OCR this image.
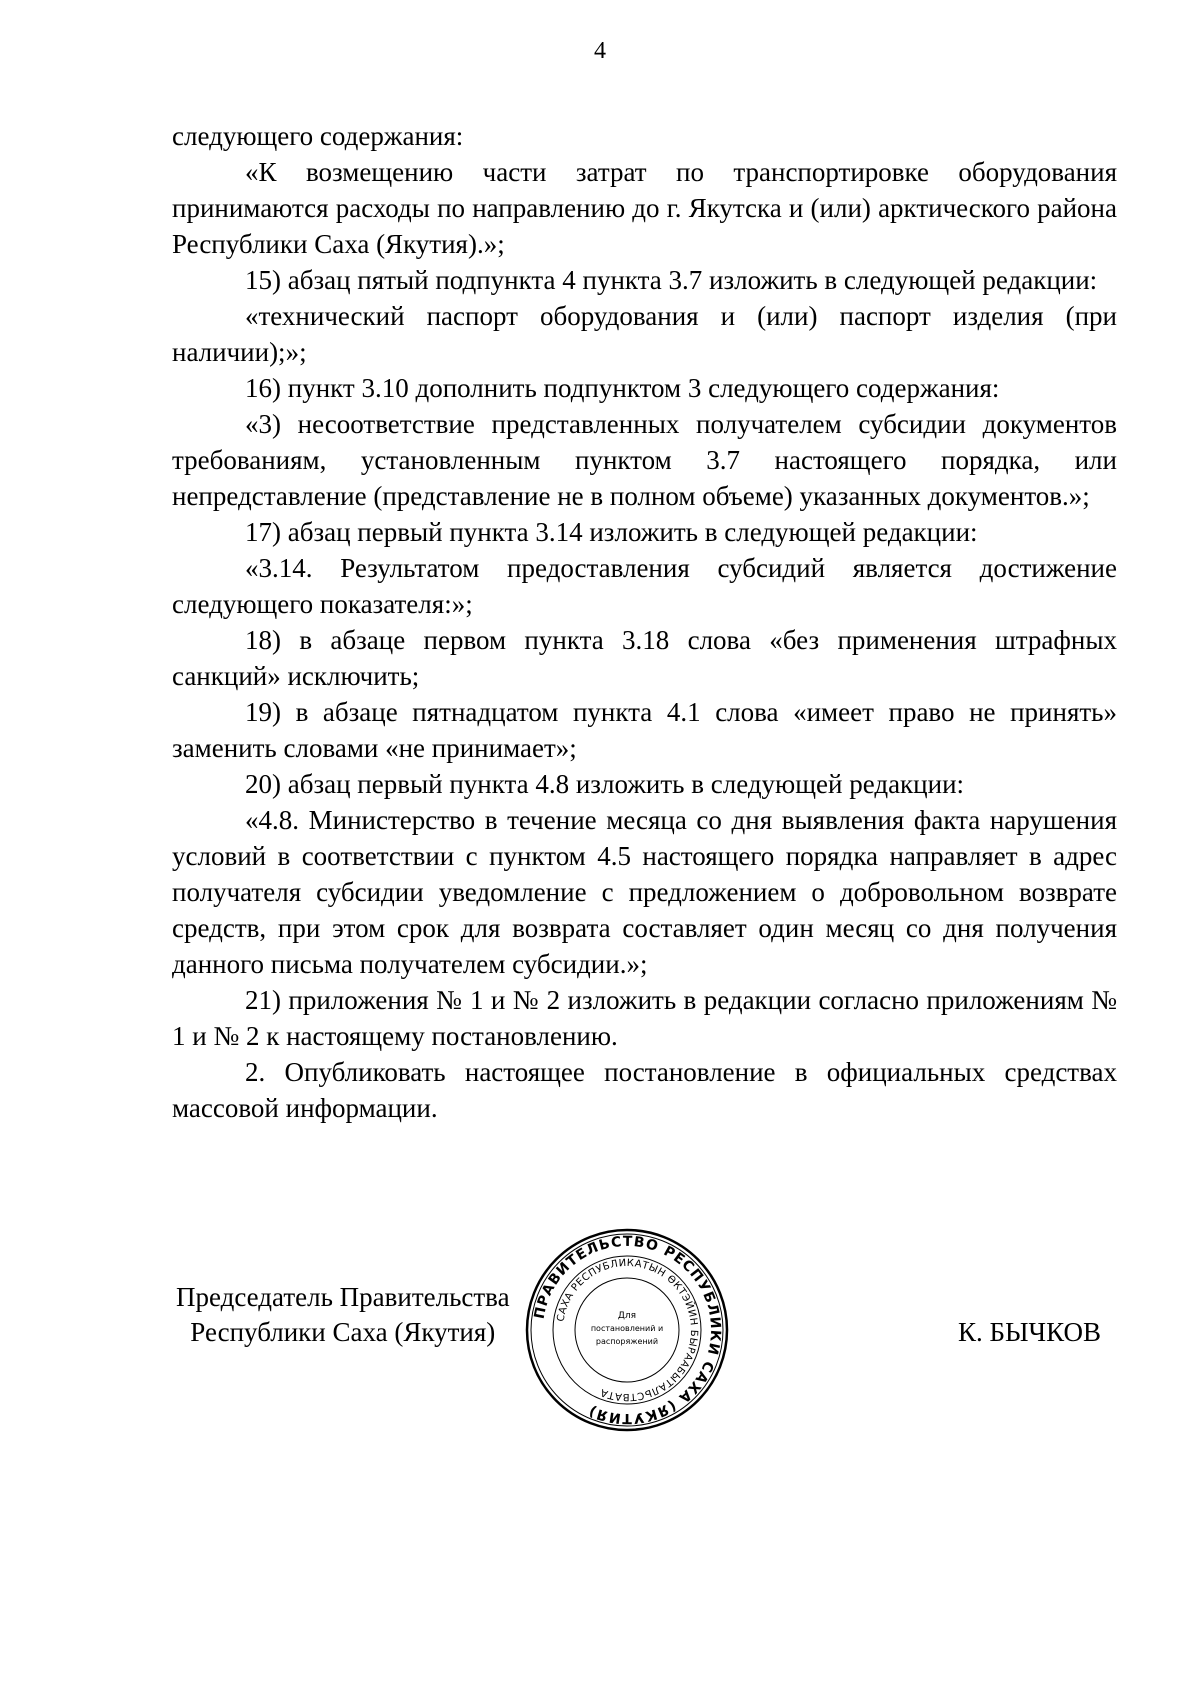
4

следующего содержания:

«К возмещению части затрат по транспортировке оборудования принимаются расходы по направлению до г. Якутска и (или) арктического района Республики Саха (Якутия).»;

15) абзац пятый подпункта 4 пункта 3.7 изложить в следующей редакции:

«технический паспорт оборудования и (или) паспорт изделия (при наличии);»;

16) пункт 3.10 дополнить подпунктом 3 следующего содержания:

«3) несоответствие представленных получателем субсидии документов требованиям, установленным пунктом 3.7 настоящего порядка, или непредставление (представление не в полном объеме) указанных документов.»;

17) абзац первый пункта 3.14 изложить в следующей редакции:

«3.14. Результатом предоставления субсидий является достижение следующего показателя:»;

18) в абзаце первом пункта 3.18 слова «без применения штрафных санкций» исключить;

19) в абзаце пятнадцатом пункта 4.1 слова «имеет право не принять» заменить словами «не принимает»;

20) абзац первый пункта 4.8 изложить в следующей редакции:

«4.8. Министерство в течение месяца со дня выявления факта нарушения условий в соответствии с пунктом 4.5 настоящего порядка направляет в адрес получателя субсидии уведомление с предложением о добровольном возврате средств, при этом срок для возврата составляет один месяц со дня получения данного письма получателем субсидии.»;

21) приложения № 1 и № 2 изложить в редакции согласно приложениям № 1 и № 2 к настоящему постановлению.

2. Опубликовать настоящее постановление в официальных средствах массовой информации.

Председатель Правительства
Республики Саха (Якутия)	К. БЫЧКОВ
ПРАВИТЕЛЬСТВО РЕСПУБЛИКИ САХА (ЯКУТИЯ)
САХА РЕСПУБЛИКАТЫН ӨКТЭЙИН БЫРААБЫТАЛЬСТВАТА
Для
постановлений и
распоряжений
